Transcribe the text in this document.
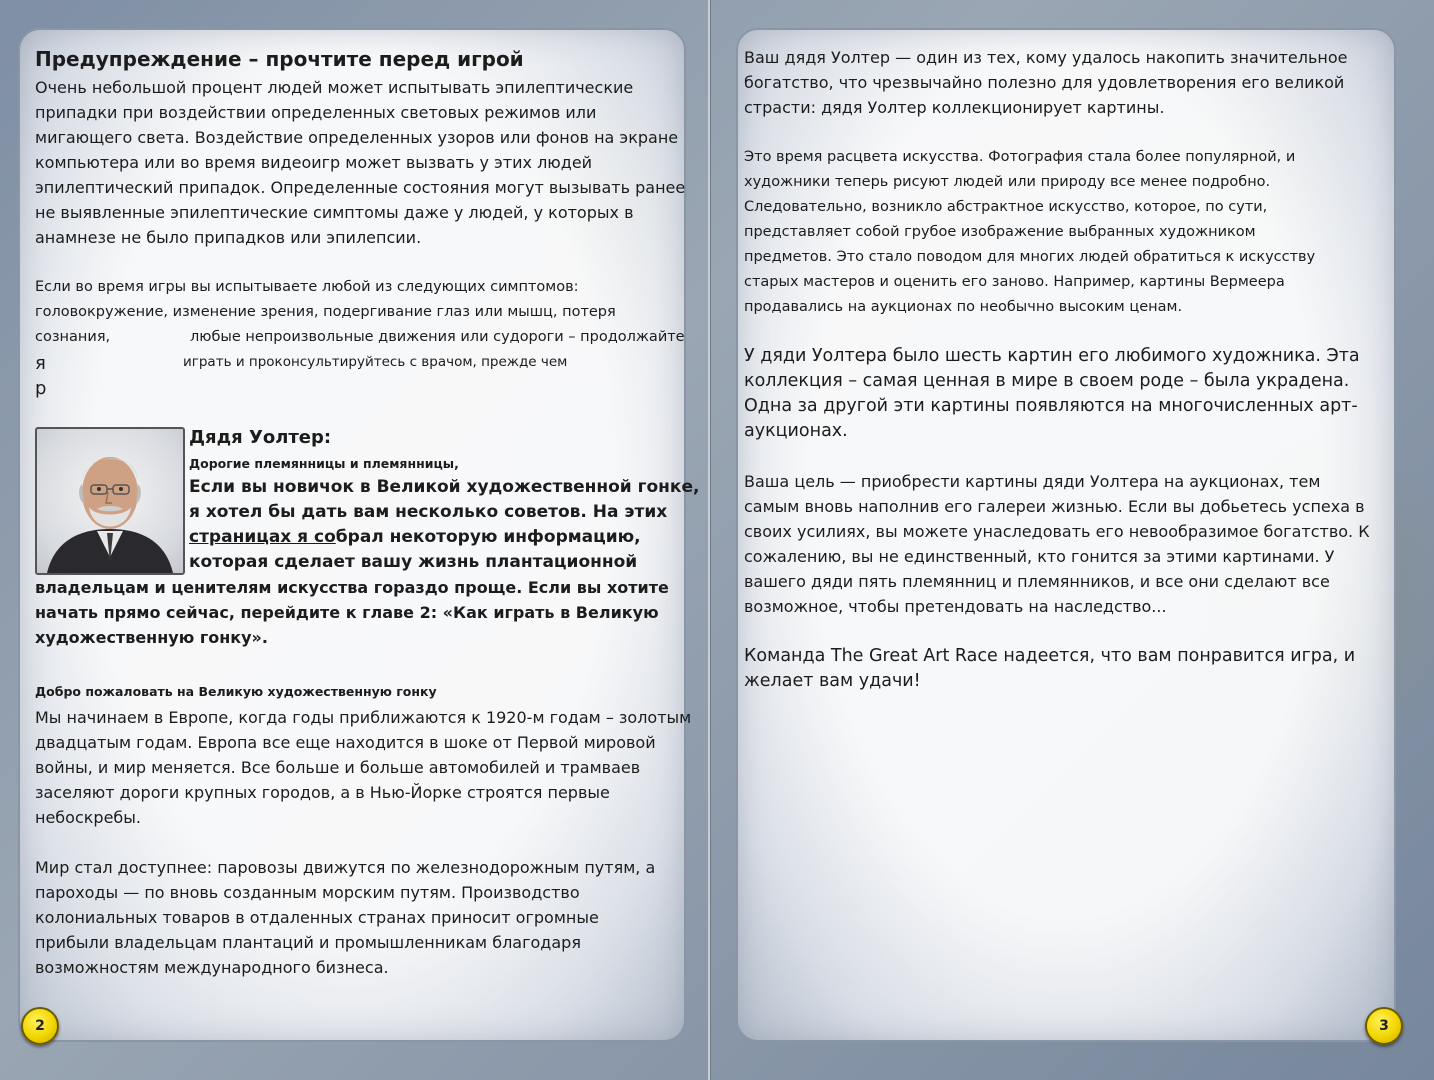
Предупреждение – прочтите перед игрой
Очень небольшой процент людей может испытывать эпилептические
припадки при воздействии определенных световых режимов или
мигающего света. Воздействие определенных узоров или фонов на экране
компьютера или во время видеоигр может вызвать у этих людей
эпилептический припадок. Определенные состояния могут вызывать ранее
не выявленные эпилептические симптомы даже у людей, у которых в
анамнезе не было припадков или эпилепсии.
Если во время игры вы испытываете любой из следующих симптомов:
головокружение, изменение зрения, подергивание глаз или мышц, потеря
сознания,	любые непроизвольные движения или судороги – продолжайте
я	играть и проконсультируйтесь с врачом, прежде чем
р
Дядя Уолтер:
Дорогие племянницы и племянницы,
Если вы новичок в Великой художественной гонке,
я хотел бы дать вам несколько советов. На этих
страницах я собрал некоторую информацию,
которая сделает вашу жизнь плантационной
владельцам и ценителям искусства гораздо проще. Если вы хотите
начать прямо сейчас, перейдите к главе 2: «Как играть в Великую
художественную гонку».
Добро пожаловать на Великую художественную гонку
Мы начинаем в Европе, когда годы приближаются к 1920-м годам – золотым
двадцатым годам. Европа все еще находится в шоке от Первой мировой
войны, и мир меняется. Все больше и больше автомобилей и трамваев
заселяют дороги крупных городов, а в Нью-Йорке строятся первые
небоскребы.
Мир стал доступнее: паровозы движутся по железнодорожным путям, а
пароходы — по вновь созданным морским путям. Производство
колониальных товаров в отдаленных странах приносит огромные
прибыли владельцам плантаций и промышленникам благодаря
возможностям международного бизнеса.
2
Ваш дядя Уолтер — один из тех, кому удалось накопить значительное
богатство, что чрезвычайно полезно для удовлетворения его великой
страсти: дядя Уолтер коллекционирует картины.
Это время расцвета искусства. Фотография стала более популярной, и
художники теперь рисуют людей или природу все менее подробно.
Следовательно, возникло абстрактное искусство, которое, по сути,
представляет собой грубое изображение выбранных художником
предметов. Это стало поводом для многих людей обратиться к искусству
старых мастеров и оценить его заново. Например, картины Вермеера
продавались на аукционах по необычно высоким ценам.
У дяди Уолтера было шесть картин его любимого художника. Эта
коллекция – самая ценная в мире в своем роде – была украдена.
Одна за другой эти картины появляются на многочисленных арт-
аукционах.
Ваша цель — приобрести картины дяди Уолтера на аукционах, тем
самым вновь наполнив его галереи жизнью. Если вы добьетесь успеха в
своих усилиях, вы можете унаследовать его невообразимое богатство. К
сожалению, вы не единственный, кто гонится за этими картинами. У
вашего дяди пять племянниц и племянников, и все они сделают все
возможное, чтобы претендовать на наследство...
Команда The Great Art Race надеется, что вам понравится игра, и
желает вам удачи!
3
